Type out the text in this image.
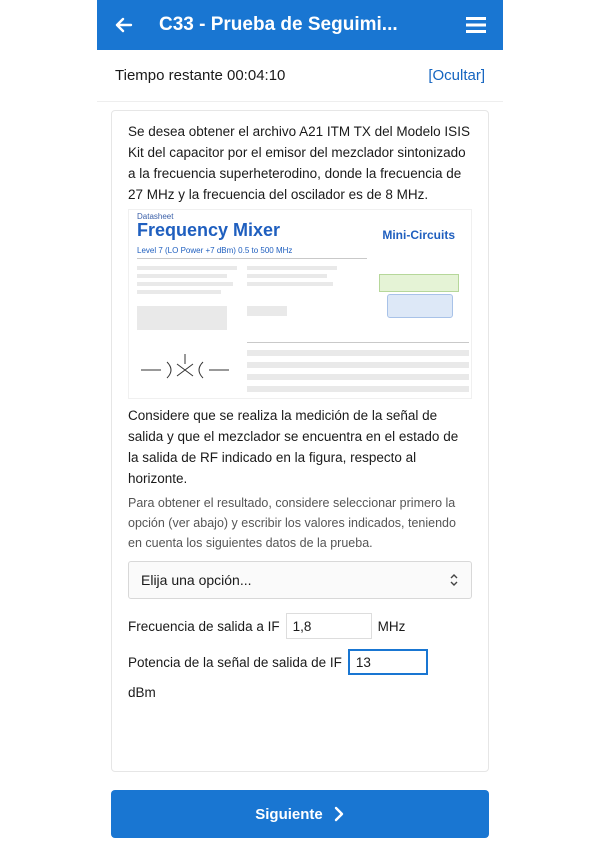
C33 - Prueba de Seguimi...
Tiempo restante 00:04:10	[Ocultar]

Se desea obtener el archivo A21 ITM TX del Modelo ISIS Kit del capacitor por el emisor del mezclador sintonizado a la frecuencia superheterodino, donde la frecuencia de 27 MHz y la frecuencia del oscilador es de 8 MHz.

Datasheet
Frequency Mixer
Level 7 (LO Power +7 dBm) 0.5 to 500 MHz
Mini-Circuits

Considere que se realiza la medición de la señal de salida y que el mezclador se encuentra en el estado de la salida de RF indicado en la figura, respecto al horizonte.

Para obtener el resultado, considere seleccionar primero la opción (ver abajo) y escribir los valores indicados, teniendo en cuenta los siguientes datos de la prueba.

Elija una opción...
Frecuencia de salida a IF
1,8	MHz
Potencia de la señal de salida de IF
13
dBm
Siguiente
